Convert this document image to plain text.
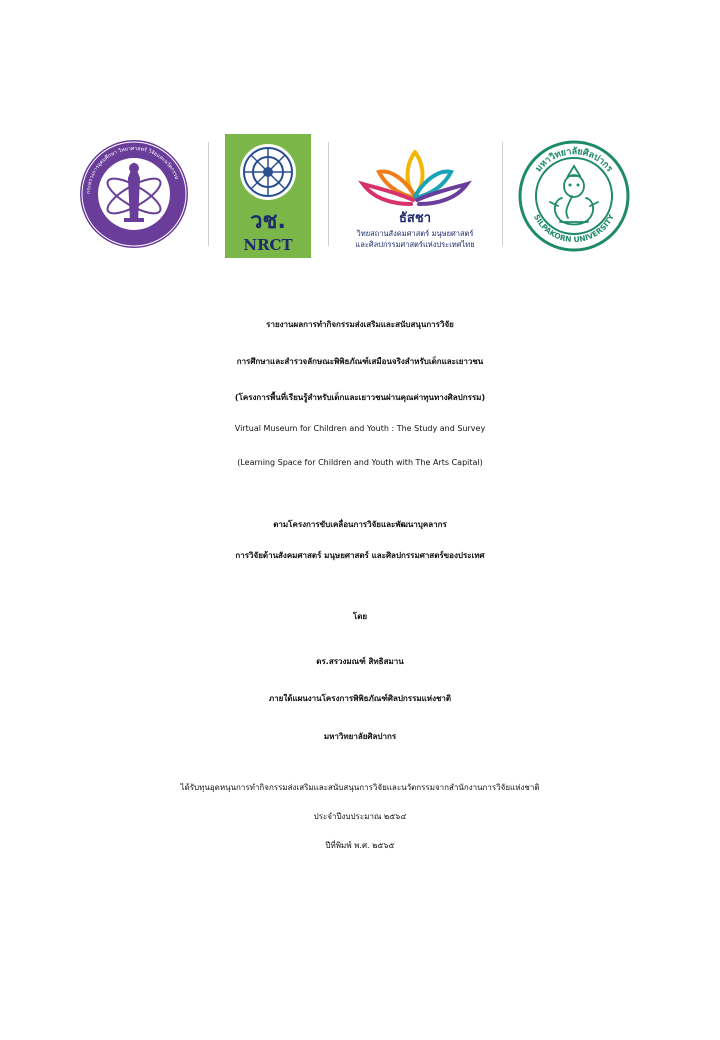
กระทรวงการอุดมศึกษา วิทยาศาสตร์ วิจัยและนวัตกรรม
วช.
NRCT
ธัสชา
วิทยสถานสังคมศาสตร์ มนุษยศาสตร์
และศิลปกรรมศาสตร์แห่งประเทศไทย
มหาวิทยาลัยศิลปากร
SILPAKORN UNIVERSITY
รายงานผลการทำกิจกรรมส่งเสริมและสนับสนุนการวิจัย
การศึกษาและสำรวจลักษณะพิพิธภัณฑ์เสมือนจริงสำหรับเด็กและเยาวชน
(โครงการพื้นที่เรียนรู้สำหรับเด็กและเยาวชนผ่านคุณค่าทุนทางศิลปกรรม)
Virtual Museum for Children and Youth : The Study and Survey
(Learning Space for Children and Youth with The Arts Capital)
ตามโครงการขับเคลื่อนการวิจัยและพัฒนาบุคลากร
การวิจัยด้านสังคมศาสตร์ มนุษยศาสตร์ และศิลปกรรมศาสตร์ของประเทศ
โดย
ดร.สรวงมณฑ์ สิทธิสมาน
ภายใต้แผนงานโครงการพิพิธภัณฑ์ศิลปกรรมแห่งชาติ
มหาวิทยาลัยศิลปากร
ได้รับทุนอุดหนุนการทำกิจกรรมส่งเสริมและสนับสนุนการวิจัยและนวัตกรรมจากสำนักงานการวิจัยแห่งชาติ
ประจำปีงบประมาณ ๒๕๖๔
ปีที่พิมพ์ พ.ศ. ๒๕๖๕
